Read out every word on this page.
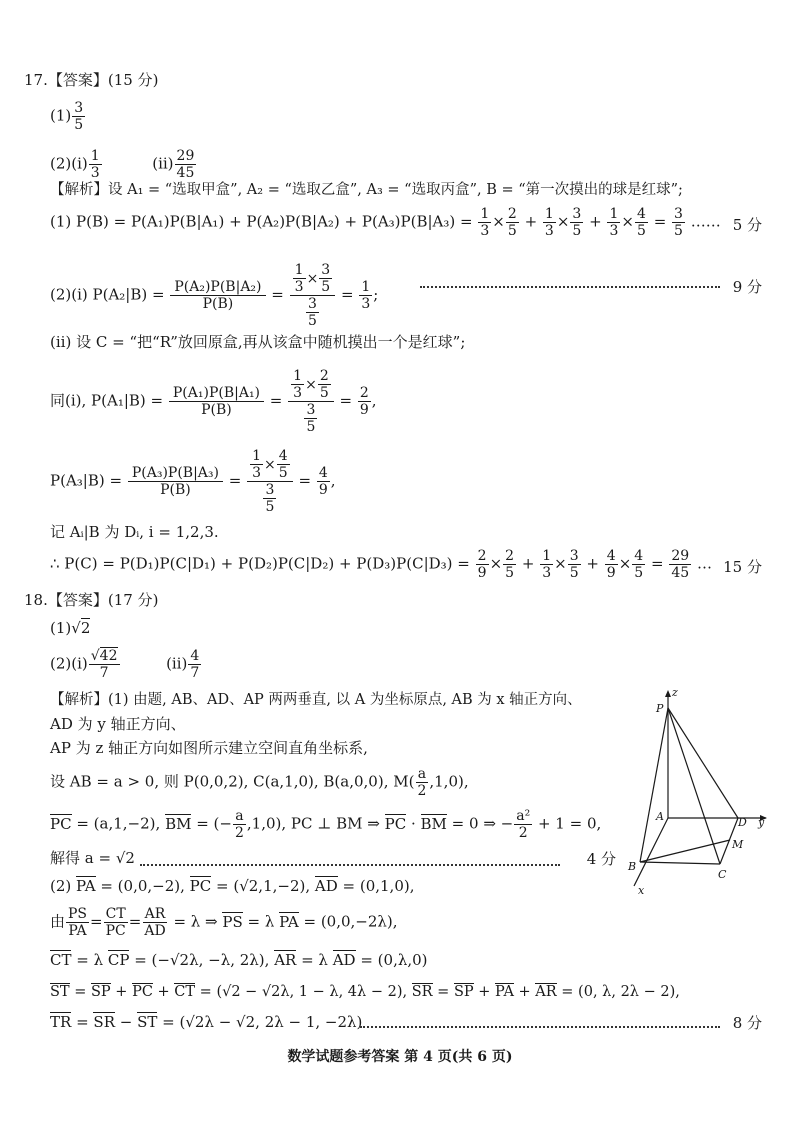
17.【答案】(15 分)
$(1) \frac{3}{5}$
(2)(ⅰ) $\frac{1}{3}$	(ⅱ) $\frac{29}{45}$
【解析】设 A₁ = “选取甲盒”, A₂ = “选取乙盒”, A₃ = “选取丙盒”, B = “第一次摸出的球是红球”;
(1) $P(B) = P(A_1)P(B|A_1) + P(A_2)P(B|A_2) + P(A_3)P(B|A_3) = \frac{1}{3} \times \frac{2}{5} + \frac{1}{3} \times \frac{3}{5} + \frac{1}{3} \times \frac{4}{5} = \frac{3}{5}$ …… 5 分
(2)(ⅰ) $P(A_2|B) = \frac{\text{P(A₂)P(B|A₂)}}{P(B)} = \frac{\frac{1}{3} \times \frac{3}{5}}{\frac{3}{5}} = \frac{1}{3}$ ;	9 分
(ⅱ) 设 C = “把“R”放回原盒,再从该盒中随机摸出一个是红球”;
同(ⅰ), $P(A_1|B) = \frac{\text{P(A₁)P(B|A₁)}}{P(B)} = \frac{\frac{1}{3} \times \frac{2}{5}}{\frac{3}{5}} = \frac{2}{9}$ ,
$P(A_3|B) = \frac{\text{P(A₃)P(B|A₃)}}{P(B)} = \frac{\frac{1}{3} \times \frac{4}{5}}{\frac{3}{5}} = \frac{4}{9}$ ,
记 Aᵢ|B 为 Dᵢ, i = 1,2,3.
∴ $P(C) = P(D_1)P(C|D_1) + P(D_2)P(C|D_2) + P(D_3)P(C|D_3) = \frac{2}{9} \times \frac{2}{5} + \frac{1}{3} \times \frac{3}{5} + \frac{4}{9} \times \frac{4}{5} = \frac{29}{45}$ … 15 分
18.【答案】(17 分)
(1)√2
(2)(ⅰ) $\frac{√42}{7}$	(ⅱ) $\frac{4}{7}$
【解析】(1) 由题, AB、AD、AP 两两垂直, 以 A 为坐标原点, AB 为 x 轴正方向、
AD 为 y 轴正方向、
AP 为 z 轴正方向如图所示建立空间直角坐标系,
设 AB = a > 0, 则 P(0,0,2), C(a,1,0), B(a,0,0), $M( \frac{a}{2} ,1,0)$,
PC = (a,1,−2), BM = (− $\frac{a}{2} ,1,0$), PC ⊥ BM ⇒ PC · BM = 0 ⇒ − $\frac{\text{a²}}{2} + 1 = 0$,
解得 a = √2	4 分
(2) PA = (0,0,−2), PC = (√2,1,−2), AD = (0,1,0),
由 $\frac{PS}{PA} = \frac{CT}{PC} = \frac{AR}{AD} = \lambda$ ⇒ PS = λ PA = (0,0,−2λ),
CT = λ CP = (−√2λ, −λ, 2λ), AR = λ AD = (0,λ,0)
ST = SP + PC + CT = (√2 − √2λ, 1 − λ, 4λ − 2), SR = SP + PA + AR = (0, λ, 2λ − 2),
TR = SR − ST = (√2λ − √2, 2λ − 1, −2λ)	8 分
z
P
A	D y
M
B
C
x
数学试题参考答案 第 4 页(共 6 页)
